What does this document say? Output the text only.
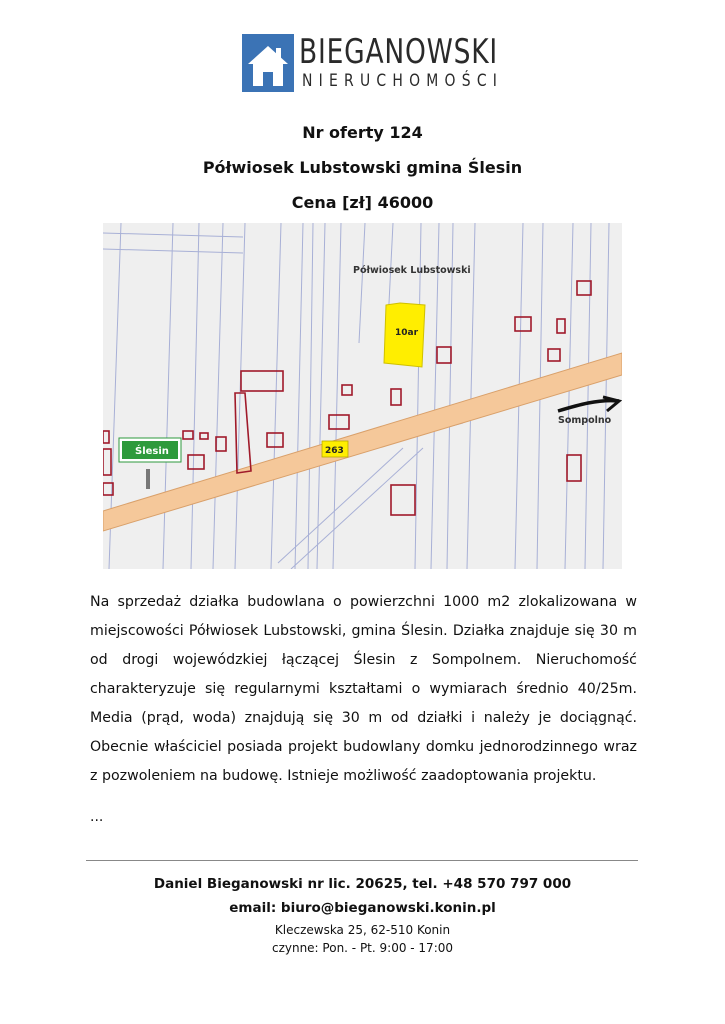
BIEGANOWSKI
NIERUCHOMOŚCI
Nr oferty 124
Półwiosek Lubstowski gmina Ślesin
Cena [zł] 46000
10ar
Półwiosek Lubstowski
263
Ślesin
Sompolno

Na sprzedaż działka budowlana o powierzchni 1000 m2 zlokalizowana w miejscowości Półwiosek Lubstowski, gmina Ślesin. Działka znajduje się 30 m od drogi wojewódzkiej łączącej Ślesin z Sompolnem. Nieruchomość charakteryzuje się regularnymi kształtami o wymiarach średnio 40/25m. Media (prąd, woda) znajdują się 30 m od działki i należy je dociągnąć. Obecnie właściciel posiada projekt budowlany domku jednorodzinnego wraz z pozwoleniem na budowę. Istnieje możliwość zaadoptowania projektu.

...
Daniel Bieganowski nr lic. 20625, tel. +48 570 797 000
email: biuro@bieganowski.konin.pl
Kleczewska 25, 62-510 Konin
czynne: Pon. - Pt. 9:00 - 17:00
